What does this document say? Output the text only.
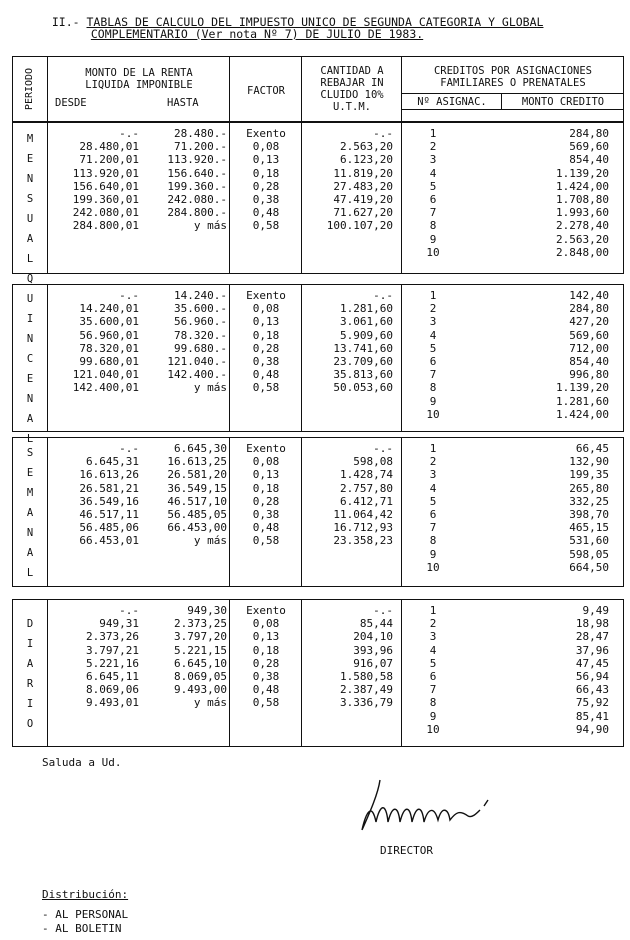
II.- TABLAS DE CALCULO DEL IMPUESTO UNICO DE SEGUNDA CATEGORIA Y GLOBAL

COMPLEMENTARIO (Ver nota Nº 7) DE JULIO DE 1983.

PERIODO

	MONTO DE LA RENTA
LIQUIDA IMPONIBLE
DESDE	HASTA
FACTOR
CANTIDAD A
REBAJAR IN
CLUIDO 10%
U.T.M.
CREDITOS POR ASIGNACIONES
FAMILIARES O PRENATALES
Nº ASIGNAC.	MONTO CREDITO
MENSUAL
-.-	28.480.-	Exento	-.-
28.480,01	71.200.-	0,08	2.563,20
71.200,01	113.920.-	0,13	6.123,20
113.920,01	156.640.-	0,18	11.819,20
156.640,01	199.360.-	0,28	27.483,20
199.360,01	242.080.-	0,38	47.419,20
242.080,01	284.800.-	0,48	71.627,20
284.800,01	y más	0,58	100.107,20
1	284,80
2	569,60
3	854,40
4	1.139,20
5	1.424,00
6	1.708,80
7	1.993,60
8	2.278,40
9	2.563,20
10	2.848,00
QUINCENAL
-.-	14.240.-	Exento	-.-
14.240,01	35.600.-	0,08	1.281,60
35.600,01	56.960.-	0,13	3.061,60
56.960,01	78.320.-	0,18	5.909,60
78.320,01	99.680.-	0,28	13.741,60
99.680,01	121.040.-	0,38	23.709,60
121.040,01	142.400.-	0,48	35.813,60
142.400,01	y más	0,58	50.053,60
1	142,40
2	284,80
3	427,20
4	569,60
5	712,00
6	854,40
7	996,80
8	1.139,20
9	1.281,60
10	1.424,00
SEMANAL
-.-	6.645,30	Exento	-.-
6.645,31	16.613,25	0,08	598,08
16.613,26	26.581,20	0,13	1.428,74
26.581,21	36.549,15	0,18	2.757,80
36.549,16	46.517,10	0,28	6.412,71
46.517,11	56.485,05	0,38	11.064,42
56.485,06	66.453,00	0,48	16.712,93
66.453,01	y más	0,58	23.358,23
1	66,45
2	132,90
3	199,35
4	265,80
5	332,25
6	398,70
7	465,15
8	531,60
9	598,05
10	664,50
DIARIO
-.-	949,30	Exento	-.-
949,31	2.373,25	0,08	85,44
2.373,26	3.797,20	0,13	204,10
3.797,21	5.221,15	0,18	393,96
5.221,16	6.645,10	0,28	916,07
6.645,11	8.069,05	0,38	1.580,58
8.069,06	9.493,00	0,48	2.387,49
9.493,01	y más	0,58	3.336,79
1	9,49
2	18,98
3	28,47
4	37,96
5	47,45
6	56,94
7	66,43
8	75,92
9	85,41
10	94,90
Saluda a Ud.
DIRECTOR
Distribución:
- AL PERSONAL
- AL BOLETIN
